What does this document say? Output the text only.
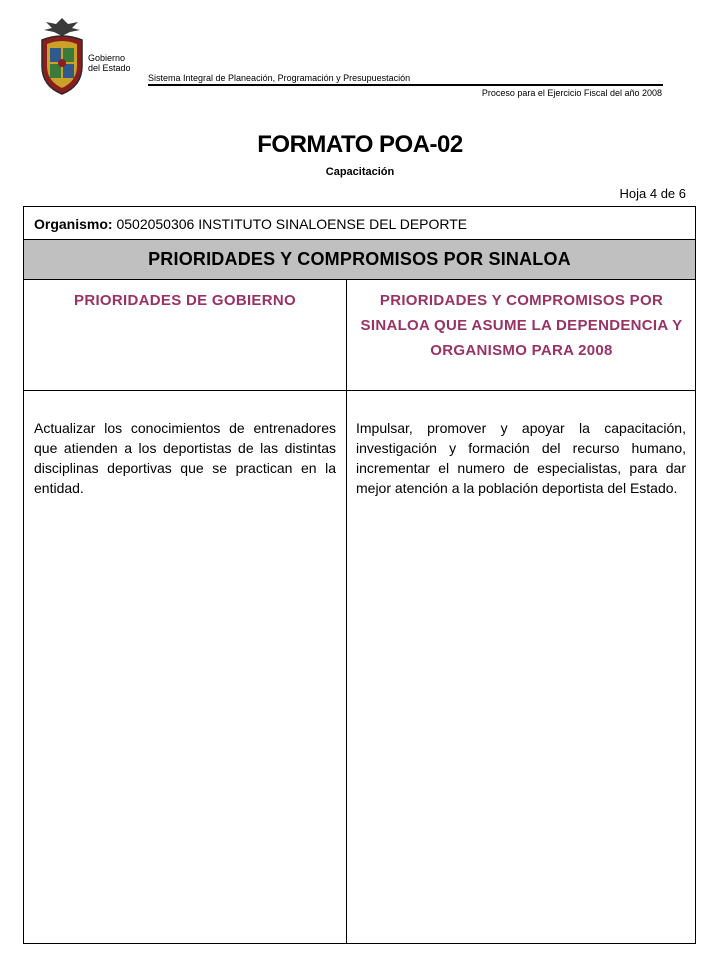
Gobierno
del Estado
Sistema Integral de Planeación, Programación y Presupuestación
Proceso para el Ejercicio Fiscal del año 2008
FORMATO POA-02
Capacitación
Hoja 4 de 6
Organismo: 0502050306 INSTITUTO SINALOENSE DEL DEPORTE
PRIORIDADES Y COMPROMISOS POR SINALOA
PRIORIDADES DE GOBIERNO	PRIORIDADES Y COMPROMISOS POR SINALOA QUE ASUME LA DEPENDENCIA Y ORGANISMO PARA 2008
Actualizar los conocimientos de entrenadores que atienden a los deportistas de las distintas disciplinas deportivas que se practican en la entidad.
Impulsar, promover y apoyar la capacitación, investigación y formación del recurso humano, incrementar el numero de especialistas, para dar mejor atención a la población deportista del Estado.
